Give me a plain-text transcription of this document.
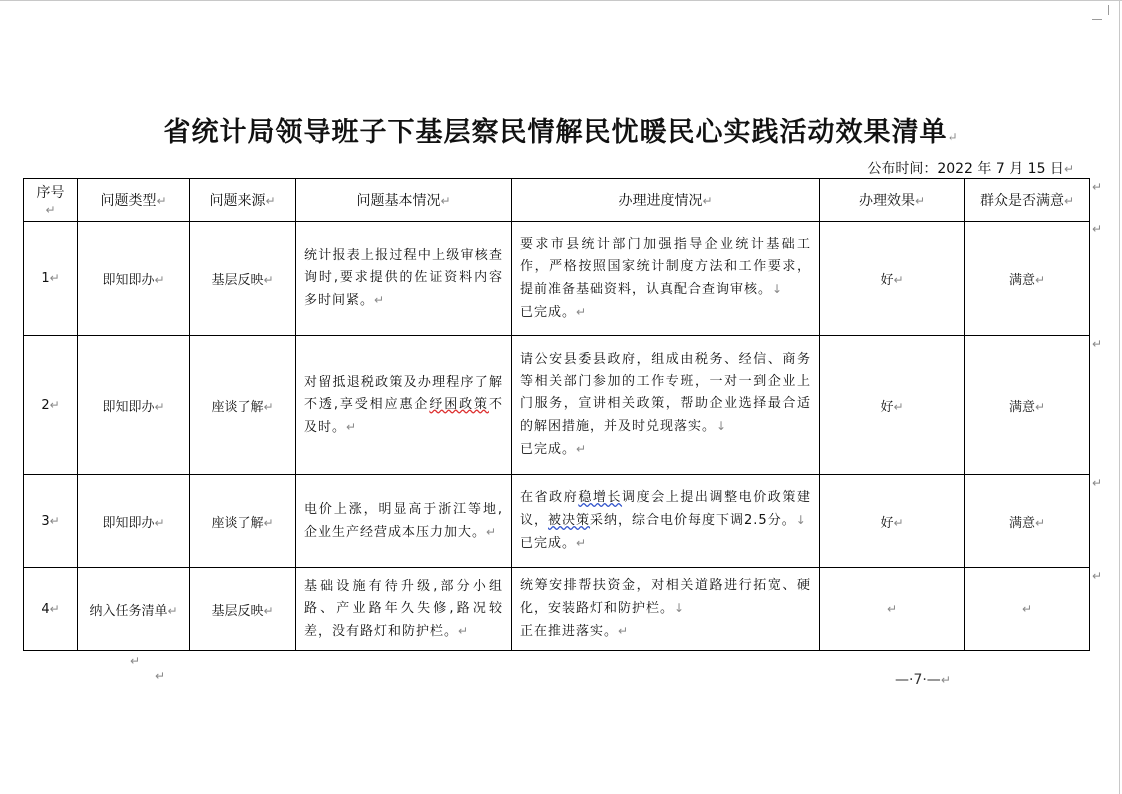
省统计局领导班子下基层察民情解民忧暖民心实践活动效果清单↵
公布时间：2022 年 7 月 15 日↵
序号↵	问题类型↵	问题来源↵	问题基本情况↵	办理进度情况↵	办理效果↵	群众是否满意↵
1↵	即知即办↵	基层反映↵	统计报表上报过程中上级审核查询时,要求提供的佐证资料内容多时间紧。↵	要求市县统计部门加强指导企业统计基础工作，严格按照国家统计制度方法和工作要求，提前准备基础资料，认真配合查询审核。↓
已完成。↵	好↵	满意↵
2↵	即知即办↵	座谈了解↵	对留抵退税政策及办理程序了解不透,享受相应惠企纾困政策不及时。↵	请公安县委县政府，组成由税务、经信、商务等相关部门参加的工作专班，一对一到企业上门服务，宣讲相关政策，帮助企业选择最合适的解困措施，并及时兑现落实。↓
已完成。↵	好↵	满意↵
3↵	即知即办↵	座谈了解↵	电价上涨，明显高于浙江等地,企业生产经营成本压力加大。↵	在省政府稳增长调度会上提出调整电价政策建议，被决策采纳，综合电价每度下调2.5分。↓
已完成。↵	好↵	满意↵
4↵	纳入任务清单↵	基层反映↵	基础设施有待升级,部分小组路、产业路年久失修,路况较差，没有路灯和防护栏。↵	统筹安排帮扶资金，对相关道路进行拓宽、硬化，安装路灯和防护栏。↓
正在推进落实。↵	↵	↵
↵
↵
↵
↵
↵
↵
↵	—·7·—↵
